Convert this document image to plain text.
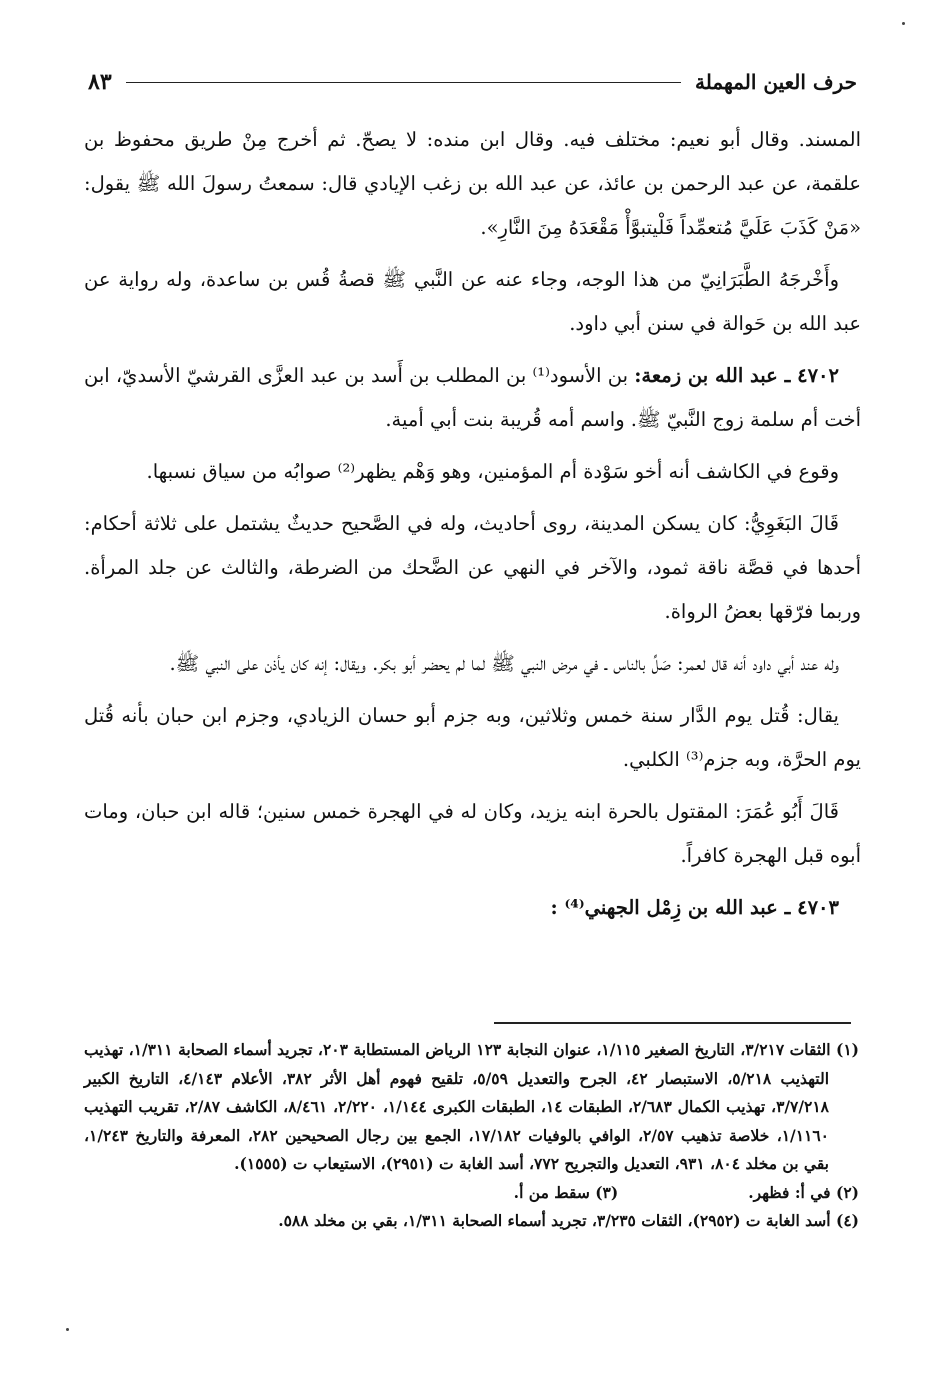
حرف العين المهملة
٨٣

المسند. وقال أبو نعيم: مختلف فيه. وقال ابن منده: لا يصحّ. ثم أخرج مِنْ طريق محفوظ بن علقمة، عن عبد الرحمن بن عائذ، عن عبد الله بن زغب الإيادي قال: سمعتُ رسولَ الله ﷺ يقول: «مَنْ كَذَبَ عَلَيَّ مُتعمِّداً فَلْيتبوَّأْ مَقْعَدَهُ مِنَ النَّارِ».

وأَخْرجَهُ الطَّبَرَانِيّ من هذا الوجه، وجاء عنه عن النَّبي ﷺ قصةُ قُس بن ساعدة، وله رواية عن عبد الله بن حَوالة في سنن أبي داود.

٤٧٠٢ ـ عبد الله بن زمعة: بن الأسود⁽¹⁾ بن المطلب بن أَسد بن عبد العزَّى القرشيّ الأسديّ، ابن أخت أم سلمة زوج النَّبيّ ﷺ. واسم أمه قُريبة بنت أبي أمية.

وقوع في الكاشف أنه أخو سَوْدة أم المؤمنين، وهو وَهْم يظهر⁽²⁾ صوابُه من سياق نسبها.

قَالَ البَغَوِيُّ: كان يسكن المدينة، روى أحاديث، وله في الصَّحيح حديثٌ يشتمل على ثلاثة أحكام: أحدها في قصَّة ناقة ثمود، والآخر في النهي عن الضَّحك من الضرطة، والثالث عن جلد المرأة. وربما فرّقها بعضُ الرواة.

وله عند أبي داود أنه قال لعمر: صَلِّ بالناس ـ في مرض النبي ﷺ لما لم يحضر أبو بكر. ويقال: إنه كان يأذن على النبي ﷺ.

يقال: قُتل يوم الدَّار سنة خمس وثلاثين، وبه جزم أبو حسان الزيادي، وجزم ابن حبان بأنه قُتل يوم الحرَّة، وبه جزم⁽³⁾ الكلبي.

قَالَ أَبُو عُمَرَ: المقتول بالحرة ابنه يزيد، وكان له في الهجرة خمس سنين؛ قاله ابن حبان، ومات أبوه قبل الهجرة كافراً.

٤٧٠٣ ـ عبد الله بن زِمْل الجهني⁽⁴⁾ :

(١) الثقات ٣/٢١٧، التاريخ الصغير ١/١١٥، عنوان النجابة ١٢٣ الرياض المستطابة ٢٠٣، تجريد أسماء الصحابة ١/٣١١، تهذيب التهذيب ٥/٢١٨، الاستبصار ٤٢، الجرح والتعديل ٥/٥٩، تلقيح فهوم أهل الأثر ٣٨٢، الأعلام ٤/١٤٣، التاريخ الكبير ٣/٧/٢١٨، تهذيب الكمال ٢/٦٨٣، الطبقات ١٤، الطبقات الكبرى ١/١٤٤، ٢/٢٢٠، ٨/٤٦١، الكاشف ٢/٨٧، تقريب التهذيب ١/١١٦٠، خلاصة تذهيب ٢/٥٧، الوافي بالوفيات ١٧/١٨٢، الجمع بين رجال الصحيحين ٢٨٢، المعرفة والتاريخ ١/٢٤٣، بقي بن مخلد ٨٠٤، ٩٣١، التعديل والتجريح ٧٧٢، أسد الغابة ت (٢٩٥١)، الاستيعاب ت (١٥٥٥).

(٢) في أ: فظهر.
(٣) سقط من أ.

(٤) أسد الغابة ت (٢٩٥٢)، الثقات ٣/٢٣٥، تجريد أسماء الصحابة ١/٣١١، بقي بن مخلد ٥٨٨.
